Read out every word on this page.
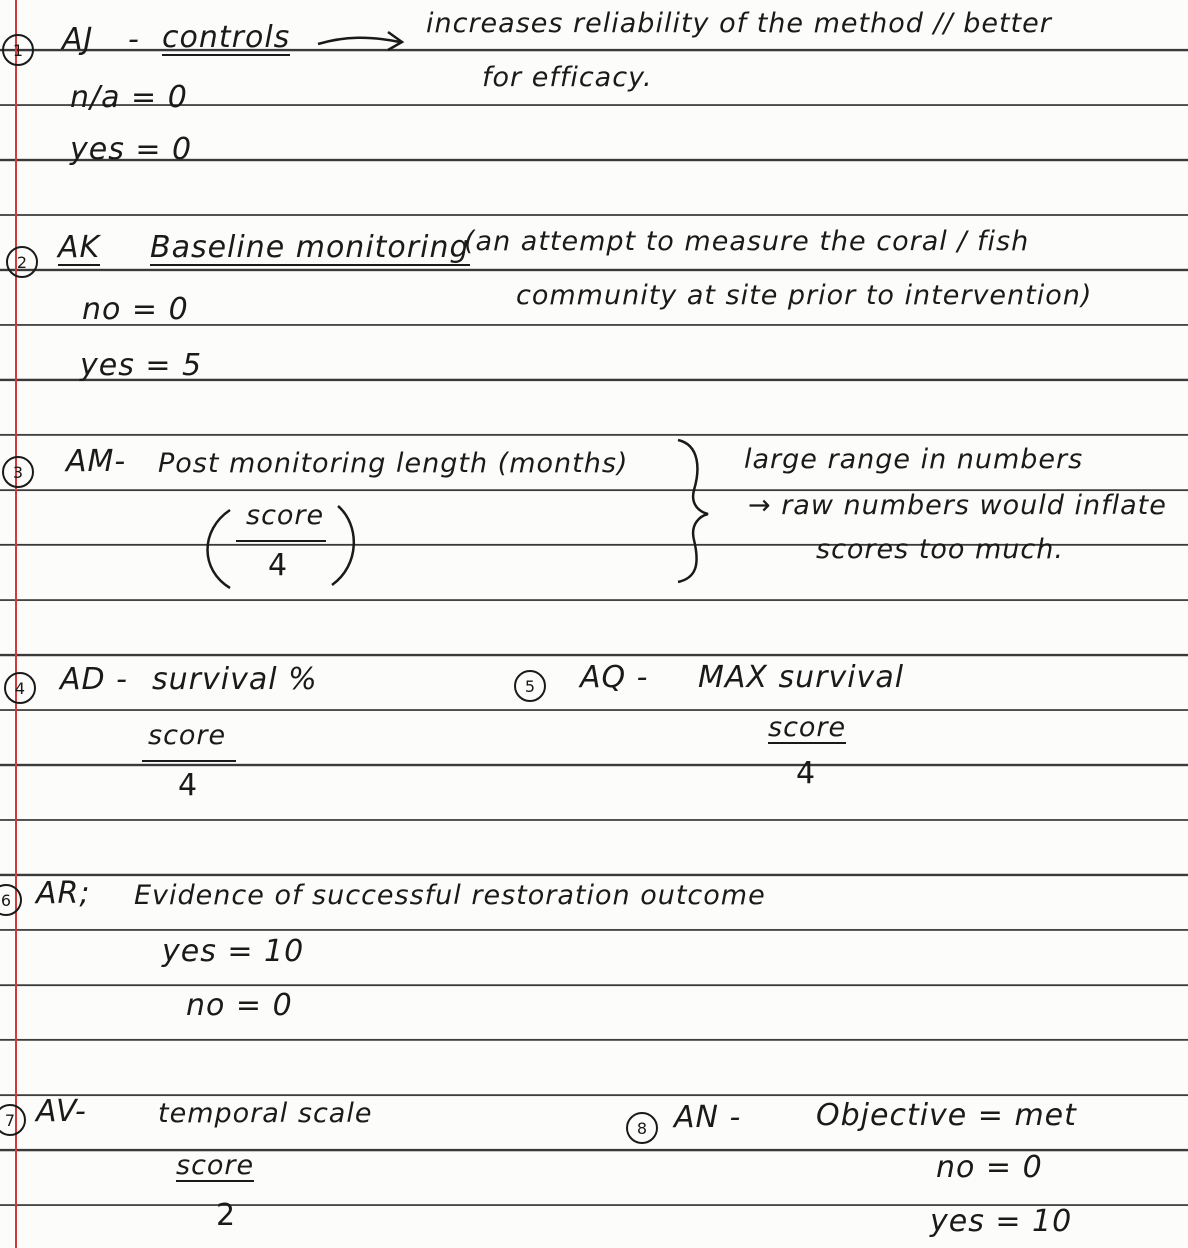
1 AJ - controls	increases reliability of the method // better
for efficacy.
n/a = 0
yes = 0
2 AK Baseline monitoring
(an attempt to measure the coral / fish
community at site prior to intervention)
no = 0
yes = 5
3 AM- Post monitoring length (months)
score
4
large range in numbers
→ raw numbers would inflate
scores too much.
4 AD - survival %
score
4
5 AQ - MAX survival
score
4
6 AR; Evidence of successful restoration outcome
yes = 10
no = 0
7 AV-	temporal scale
score
2
8 AN - Objective = met
no = 0
yes = 10
